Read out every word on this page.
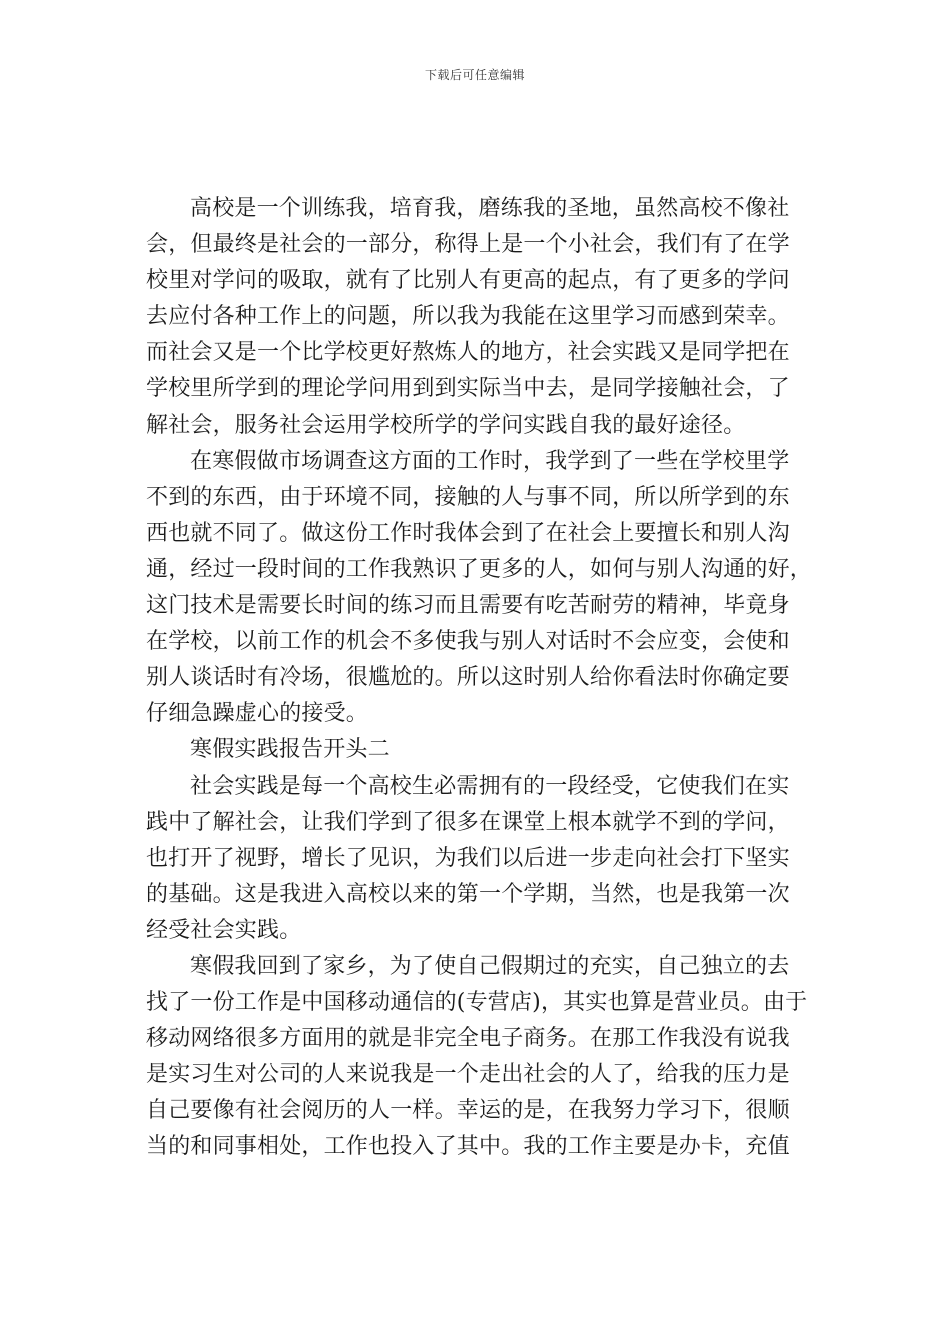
下载后可任意编辑
高校是一个训练我，培育我，磨练我的圣地，虽然高校不像社
会，但最终是社会的一部分，称得上是一个小社会，我们有了在学
校里对学问的吸取，就有了比别人有更高的起点，有了更多的学问
去应付各种工作上的问题，所以我为我能在这里学习而感到荣幸。
而社会又是一个比学校更好熬炼人的地方，社会实践又是同学把在
学校里所学到的理论学问用到到实际当中去，是同学接触社会，了
解社会，服务社会运用学校所学的学问实践自我的最好途径。
在寒假做市场调查这方面的工作时，我学到了一些在学校里学
不到的东西，由于环境不同，接触的人与事不同，所以所学到的东
西也就不同了。做这份工作时我体会到了在社会上要擅长和别人沟
通，经过一段时间的工作我熟识了更多的人，如何与别人沟通的好，
这门技术是需要长时间的练习而且需要有吃苦耐劳的精神，毕竟身
在学校，以前工作的机会不多使我与别人对话时不会应变，会使和
别人谈话时有冷场，很尴尬的。所以这时别人给你看法时你确定要
仔细急躁虚心的接受。
寒假实践报告开头二
社会实践是每一个高校生必需拥有的一段经受，它使我们在实
践中了解社会，让我们学到了很多在课堂上根本就学不到的学问，
也打开了视野，增长了见识，为我们以后进一步走向社会打下坚实
的基础。这是我进入高校以来的第一个学期，当然，也是我第一次
经受社会实践。
寒假我回到了家乡，为了使自己假期过的充实，自己独立的去
找了一份工作是中国移动通信的(专营店)，其实也算是营业员。由于
移动网络很多方面用的就是非完全电子商务。在那工作我没有说我
是实习生对公司的人来说我是一个走出社会的人了，给我的压力是
自己要像有社会阅历的人一样。幸运的是，在我努力学习下，很顺
当的和同事相处，工作也投入了其中。我的工作主要是办卡，充值
